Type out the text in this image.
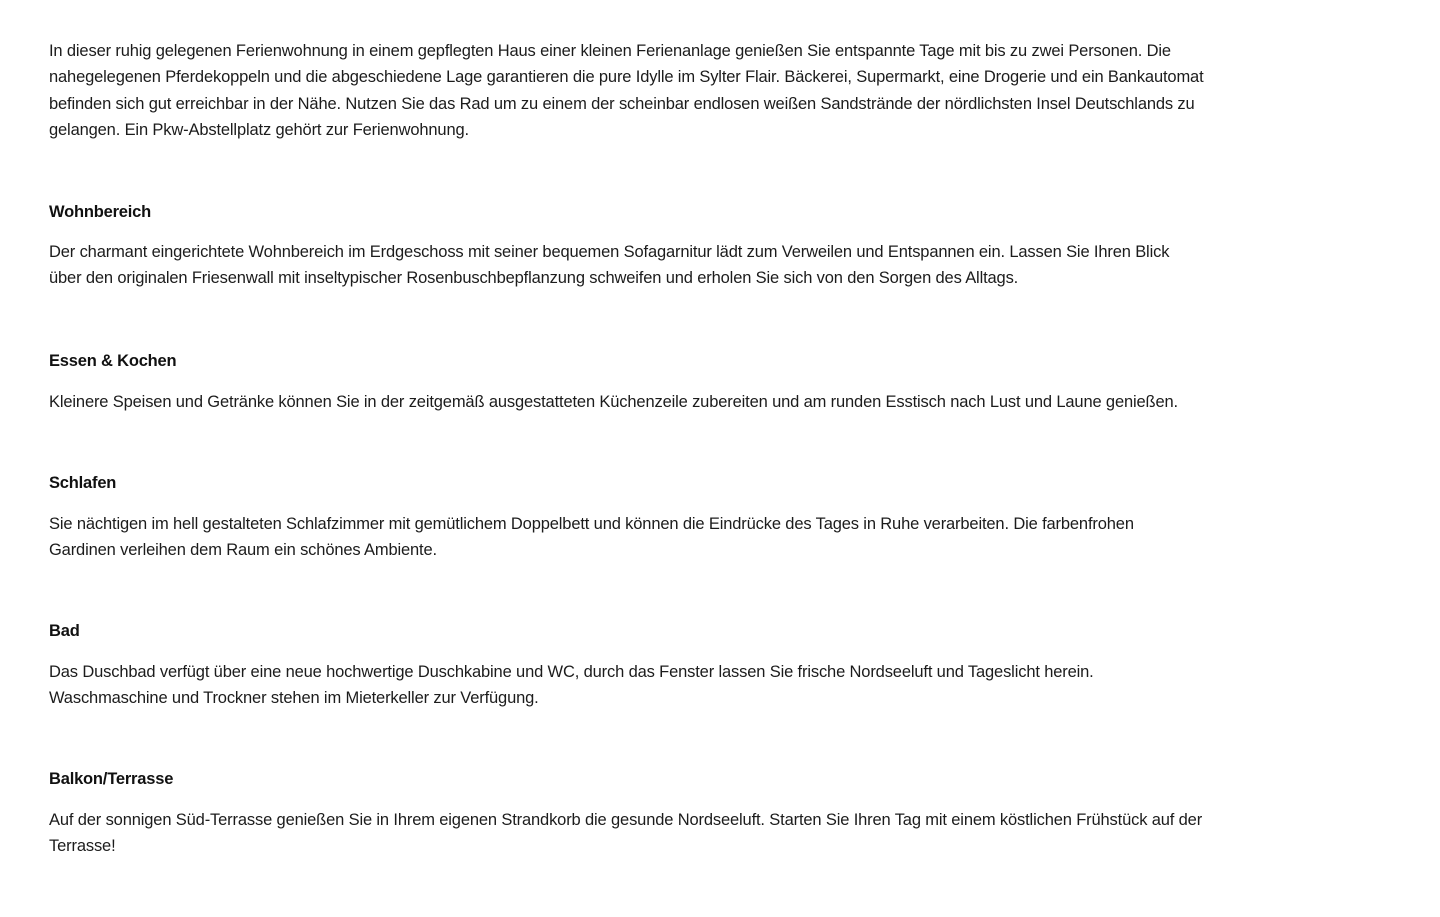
In dieser ruhig gelegenen Ferienwohnung in einem gepflegten Haus einer kleinen Ferienanlage genießen Sie entspannte Tage mit bis zu zwei Personen. Die
nahegelegenen Pferdekoppeln und die abgeschiedene Lage garantieren die pure Idylle im Sylter Flair. Bäckerei, Supermarkt, eine Drogerie und ein Bankautomat
befinden sich gut erreichbar in der Nähe. Nutzen Sie das Rad um zu einem der scheinbar endlosen weißen Sandstrände der nördlichsten Insel Deutschlands zu
gelangen. Ein Pkw-Abstellplatz gehört zur Ferienwohnung.

Wohnbereich

Der charmant eingerichtete Wohnbereich im Erdgeschoss mit seiner bequemen Sofagarnitur lädt zum Verweilen und Entspannen ein. Lassen Sie Ihren Blick
über den originalen Friesenwall mit inseltypischer Rosenbuschbepflanzung schweifen und erholen Sie sich von den Sorgen des Alltags.

Essen & Kochen

Kleinere Speisen und Getränke können Sie in der zeitgemäß ausgestatteten Küchenzeile zubereiten und am runden Esstisch nach Lust und Laune genießen.

Schlafen

Sie nächtigen im hell gestalteten Schlafzimmer mit gemütlichem Doppelbett und können die Eindrücke des Tages in Ruhe verarbeiten. Die farbenfrohen
Gardinen verleihen dem Raum ein schönes Ambiente.

Bad

Das Duschbad verfügt über eine neue hochwertige Duschkabine und WC, durch das Fenster lassen Sie frische Nordseeluft und Tageslicht herein.
Waschmaschine und Trockner stehen im Mieterkeller zur Verfügung.

Balkon/Terrasse

Auf der sonnigen Süd-Terrasse genießen Sie in Ihrem eigenen Strandkorb die gesunde Nordseeluft. Starten Sie Ihren Tag mit einem köstlichen Frühstück auf der
Terrasse!
